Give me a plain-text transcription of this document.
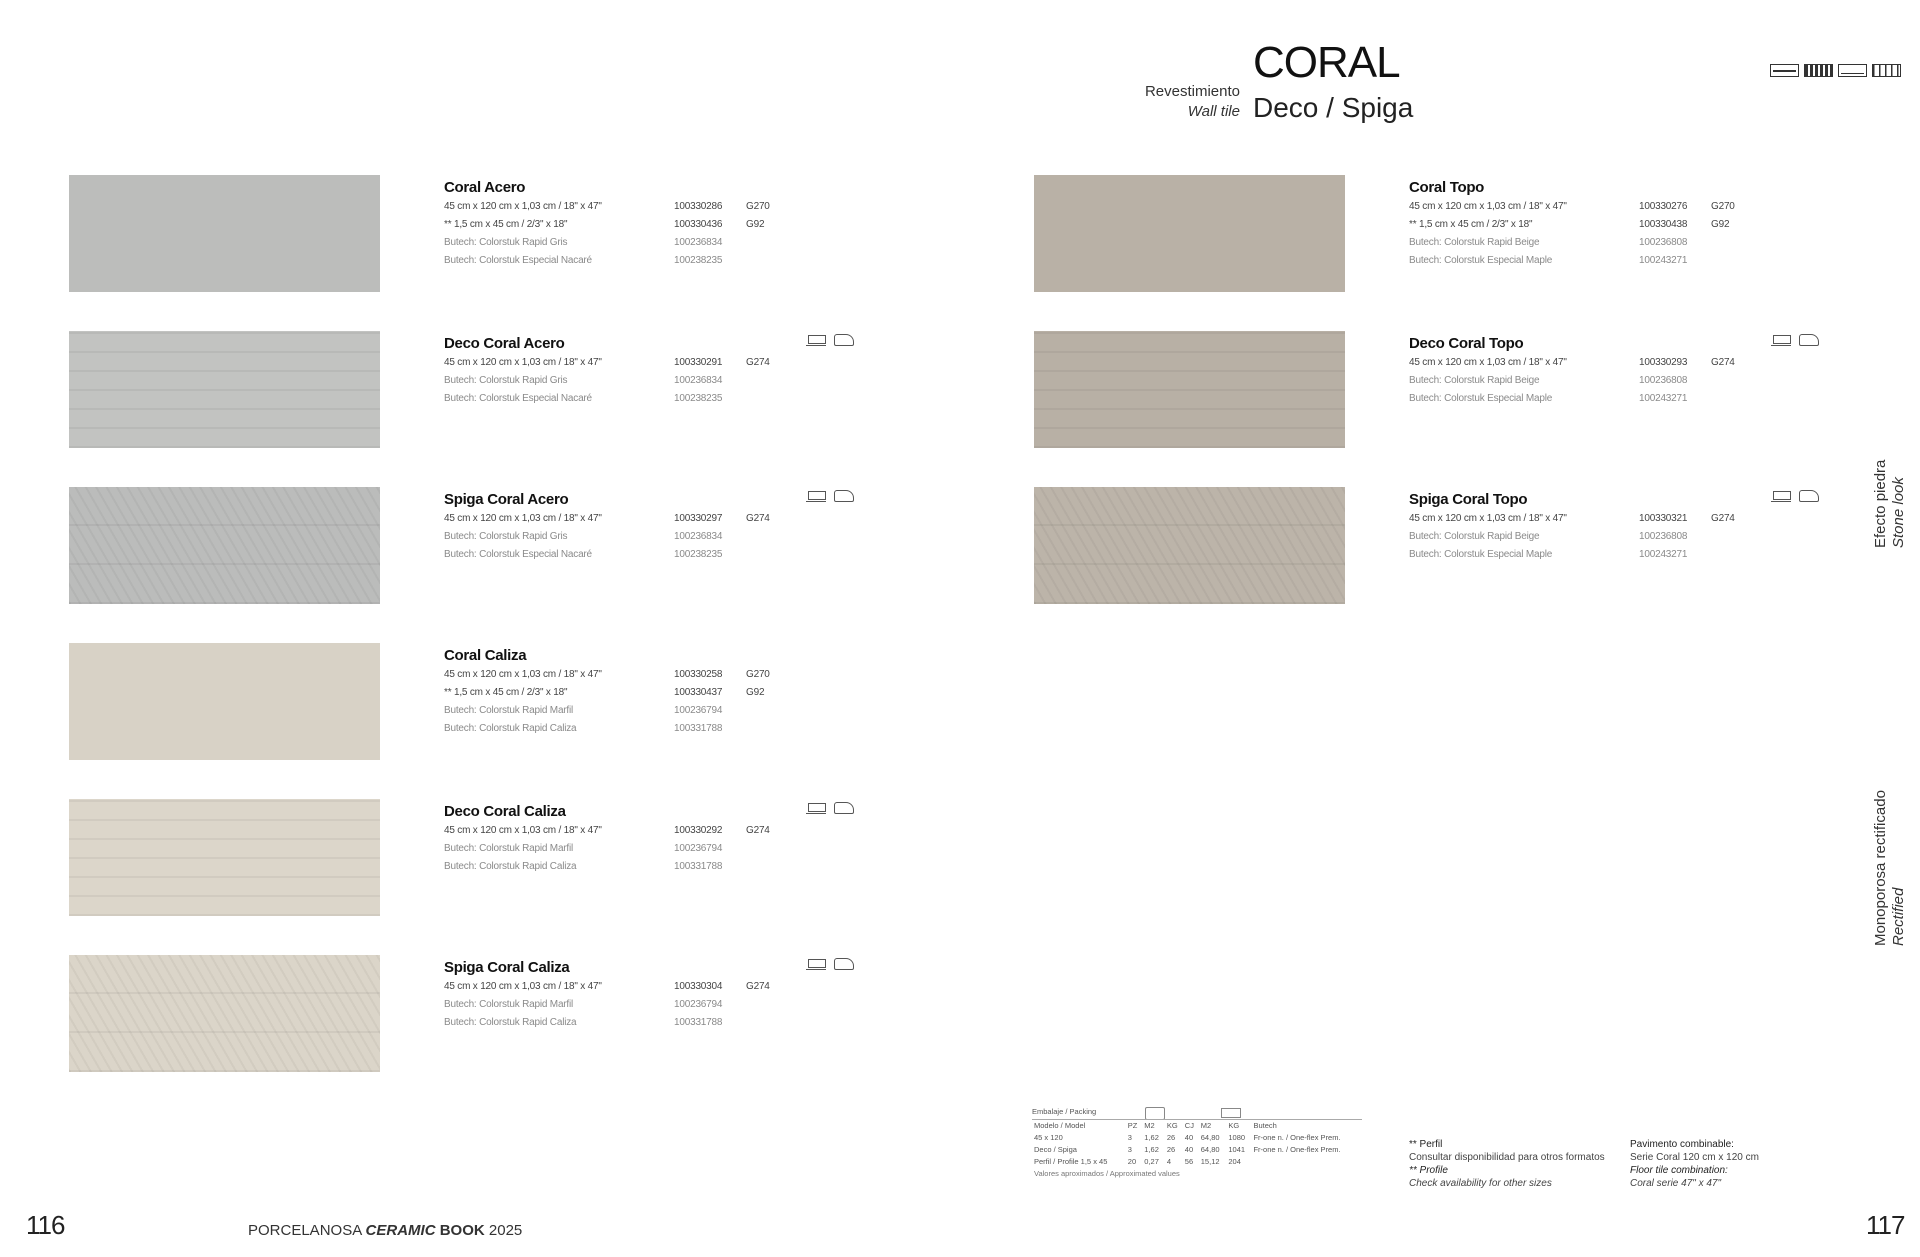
Revestimiento
Wall tile
CORAL
Deco / Spiga
Coral Acero
45 cm x 120 cm x 1,03 cm / 18" x 47"	100330286	G270
** 1,5 cm x 45 cm / 2/3" x 18"	100330436	G92
Butech: Colorstuk Rapid Gris	100236834
Butech: Colorstuk Especial Nacaré	100238235
Deco Coral Acero
45 cm x 120 cm x 1,03 cm / 18" x 47"	100330291	G274
Butech: Colorstuk Rapid Gris	100236834
Butech: Colorstuk Especial Nacaré	100238235
Spiga Coral Acero
45 cm x 120 cm x 1,03 cm / 18" x 47"	100330297	G274
Butech: Colorstuk Rapid Gris	100236834
Butech: Colorstuk Especial Nacaré	100238235
Coral Caliza
45 cm x 120 cm x 1,03 cm / 18" x 47"	100330258	G270
** 1,5 cm x 45 cm / 2/3" x 18"	100330437	G92
Butech: Colorstuk Rapid Marfil	100236794
Butech: Colorstuk Rapid Caliza	100331788
Deco Coral Caliza
45 cm x 120 cm x 1,03 cm / 18" x 47"	100330292	G274
Butech: Colorstuk Rapid Marfil	100236794
Butech: Colorstuk Rapid Caliza	100331788
Spiga Coral Caliza
45 cm x 120 cm x 1,03 cm / 18" x 47"	100330304	G274
Butech: Colorstuk Rapid Marfil	100236794
Butech: Colorstuk Rapid Caliza	100331788
Coral Topo
45 cm x 120 cm x 1,03 cm / 18" x 47"	100330276	G270
** 1,5 cm x 45 cm / 2/3" x 18"	100330438	G92
Butech: Colorstuk Rapid Beige	100236808
Butech: Colorstuk Especial Maple	100243271
Deco Coral Topo
45 cm x 120 cm x 1,03 cm / 18" x 47"	100330293	G274
Butech: Colorstuk Rapid Beige	100236808
Butech: Colorstuk Especial Maple	100243271
Spiga Coral Topo
45 cm x 120 cm x 1,03 cm / 18" x 47"	100330321	G274
Butech: Colorstuk Rapid Beige	100236808
Butech: Colorstuk Especial Maple	100243271
Efecto piedra Stone look
Monoporosa rectificado Rectified
Embalaje / Packing
Modelo / Model	PZ	M2	KG	CJ	M2	KG	Butech
45 x 120	3	1,62	26	40	64,80	1080	Fr-one n. / One-flex Prem.
Deco / Spiga	3	1,62	26	40	64,80	1041	Fr-one n. / One-flex Prem.
Perfil / Profile 1,5 x 45	20	0,27	4	56	15,12	204	
Valores aproximados / Approximated values							
** Perfil
Consultar disponibilidad para otros formatos
** Profile
Check availability for other sizes
Pavimento combinable:
Serie Coral 120 cm x 120 cm
Floor tile combination:
Coral serie 47" x 47"
116	117
PORCELANOSA CERAMIC BOOK 2025
